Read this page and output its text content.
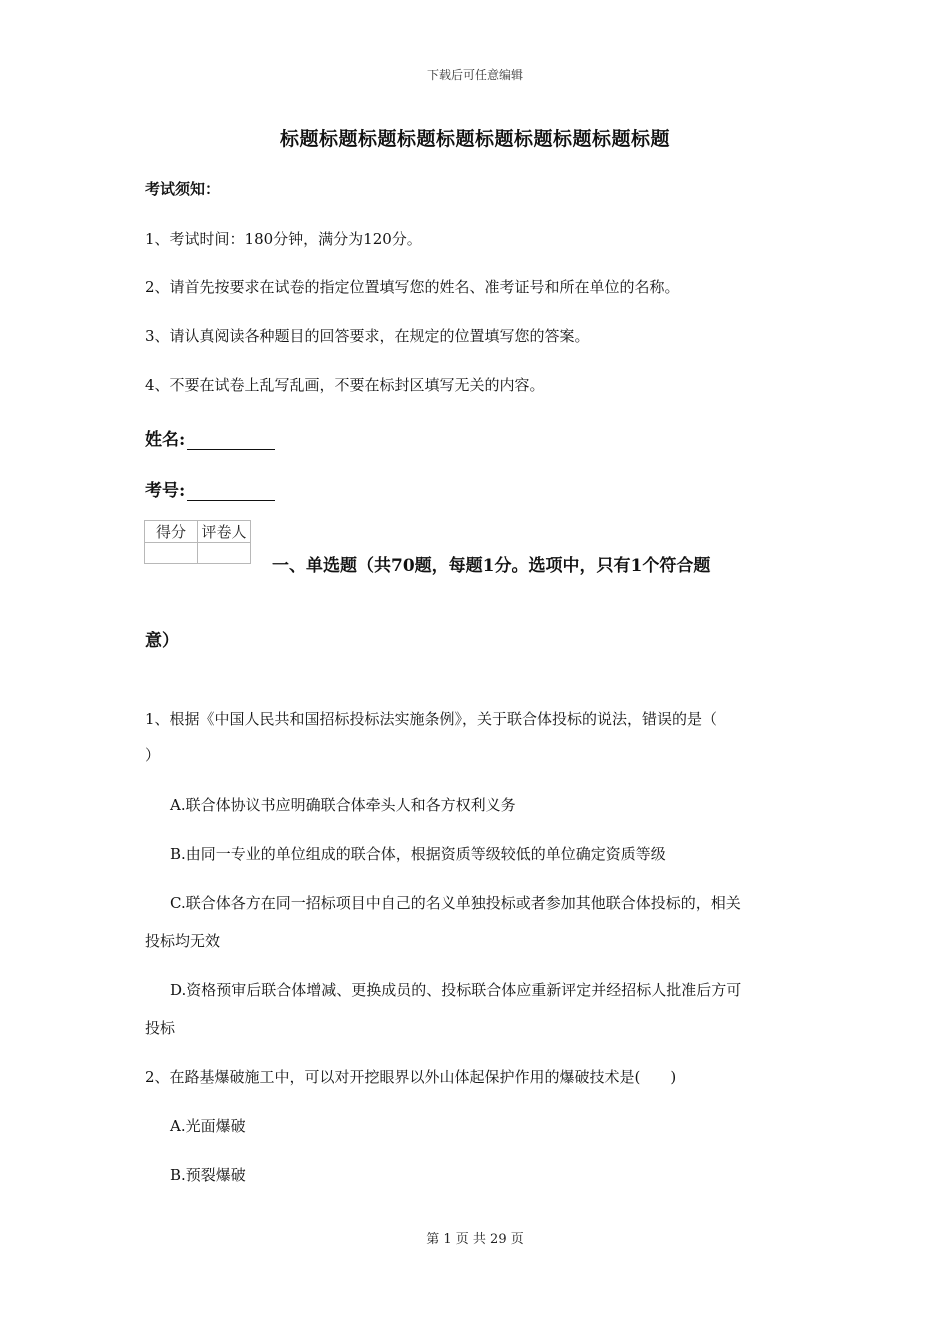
下载后可任意编辑
标题标题标题标题标题标题标题标题标题标题
考试须知：
1、考试时间：180分钟，满分为120分。
2、请首先按要求在试卷的指定位置填写您的姓名、准考证号和所在单位的名称。
3、请认真阅读各种题目的回答要求，在规定的位置填写您的答案。
4、不要在试卷上乱写乱画，不要在标封区填写无关的内容。
姓名:
考号:
得分	评卷人

一、单选题（共70题，每题1分。选项中，只有1个符合题
意）
1、根据《中国人民共和国招标投标法实施条例》，关于联合体投标的说法，错误的是（
）
A.联合体协议书应明确联合体牵头人和各方权利义务
B.由同一专业的单位组成的联合体，根据资质等级较低的单位确定资质等级
C.联合体各方在同一招标项目中自己的名义单独投标或者参加其他联合体投标的，相关
投标均无效
D.资格预审后联合体增减、更换成员的、投标联合体应重新评定并经招标人批准后方可
投标
2、在路基爆破施工中，可以对开挖眼界以外山体起保护作用的爆破技术是(　　)
A.光面爆破
B.预裂爆破
第 1 页 共 29 页
